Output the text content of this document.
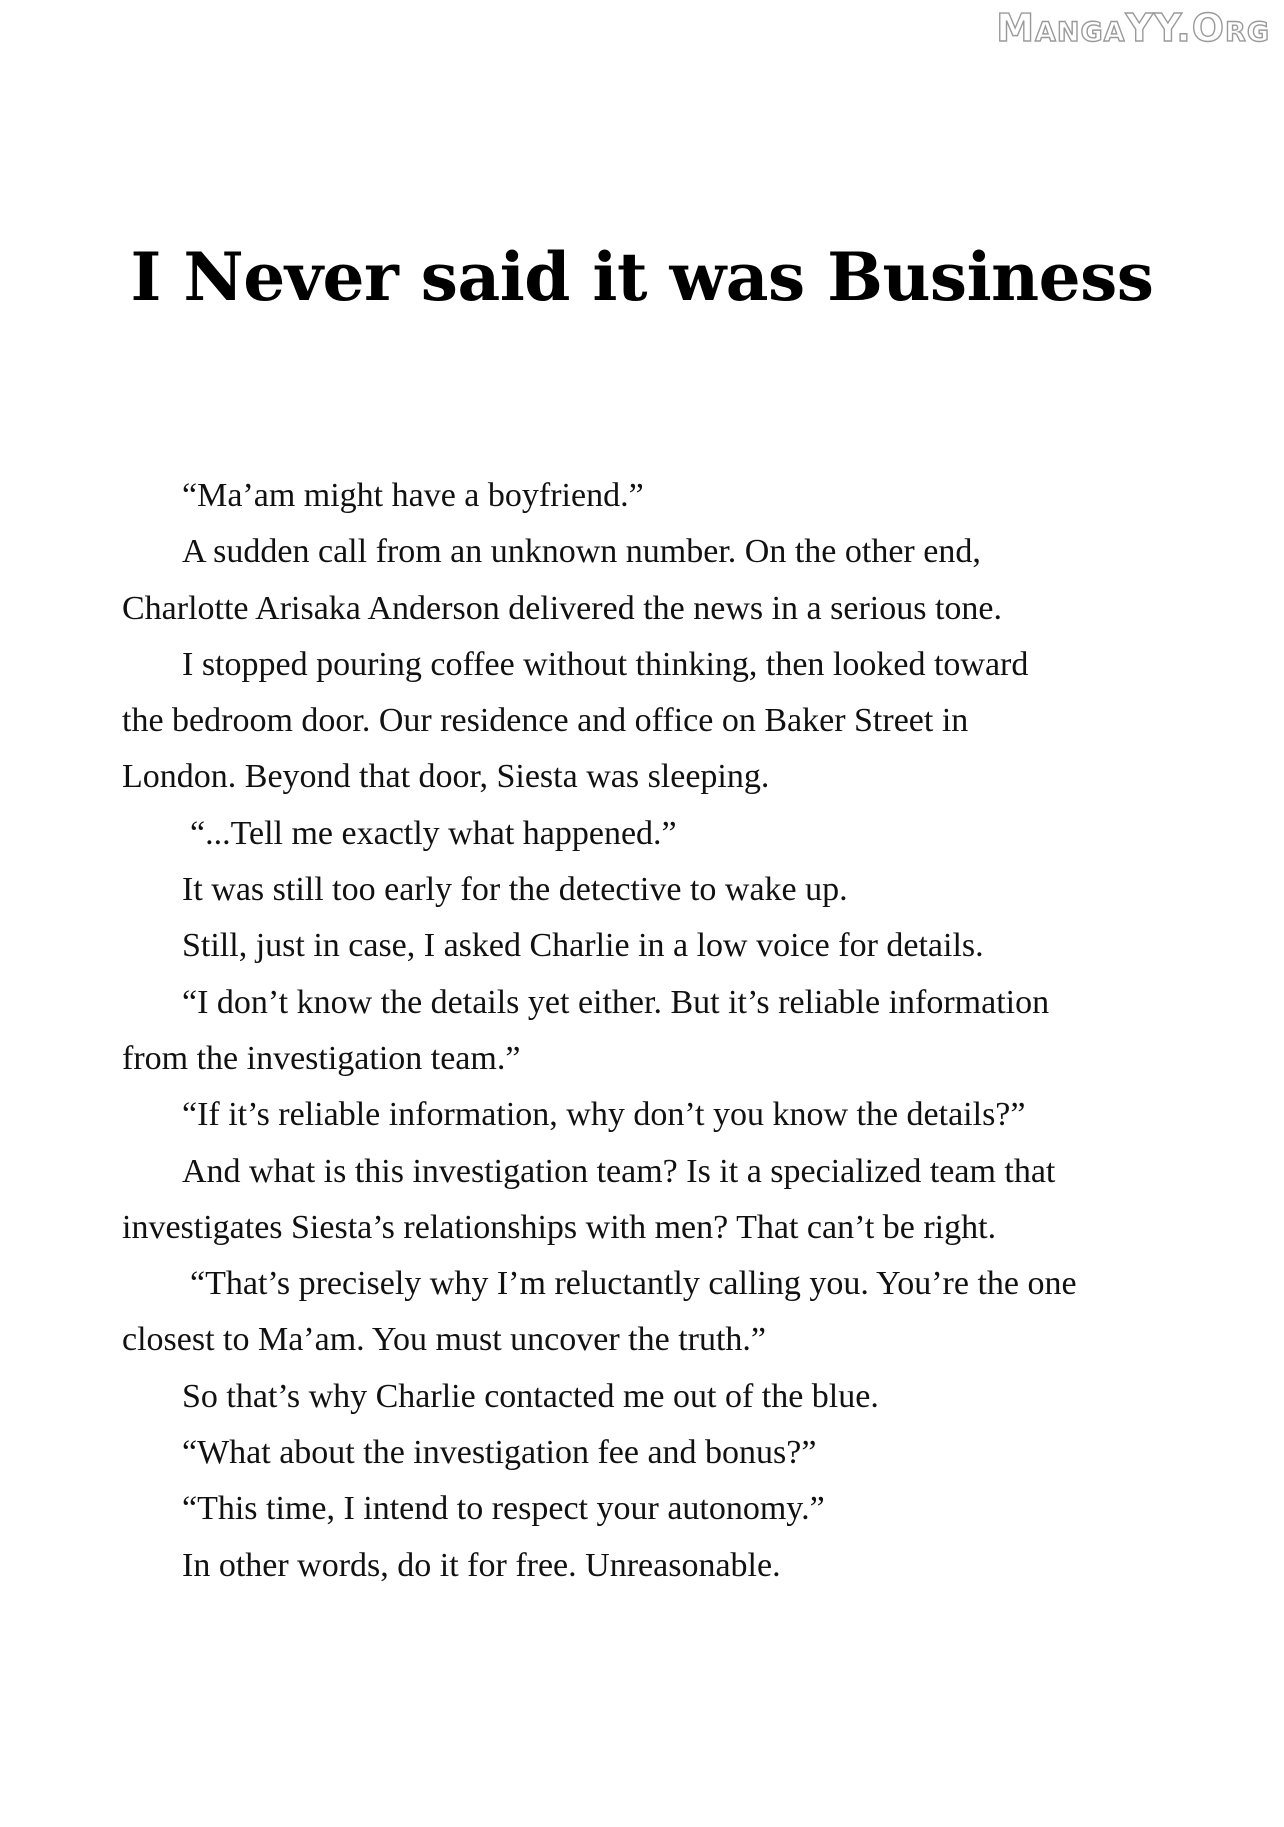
MangaYY.Org
I Never said it was Business
“Ma’am might have a boyfriend.”
A sudden call from an unknown number. On the other end,
Charlotte Arisaka Anderson delivered the news in a serious tone.
I stopped pouring coffee without thinking, then looked toward
the bedroom door. Our residence and office on Baker Street in
London. Beyond that door, Siesta was sleeping.
“...Tell me exactly what happened.”
It was still too early for the detective to wake up.
Still, just in case, I asked Charlie in a low voice for details.
“I don’t know the details yet either. But it’s reliable information
from the investigation team.”
“If it’s reliable information, why don’t you know the details?”
And what is this investigation team? Is it a specialized team that
investigates Siesta’s relationships with men? That can’t be right.
“That’s precisely why I’m reluctantly calling you. You’re the one
closest to Ma’am. You must uncover the truth.”
So that’s why Charlie contacted me out of the blue.
“What about the investigation fee and bonus?”
“This time, I intend to respect your autonomy.”
In other words, do it for free. Unreasonable.
